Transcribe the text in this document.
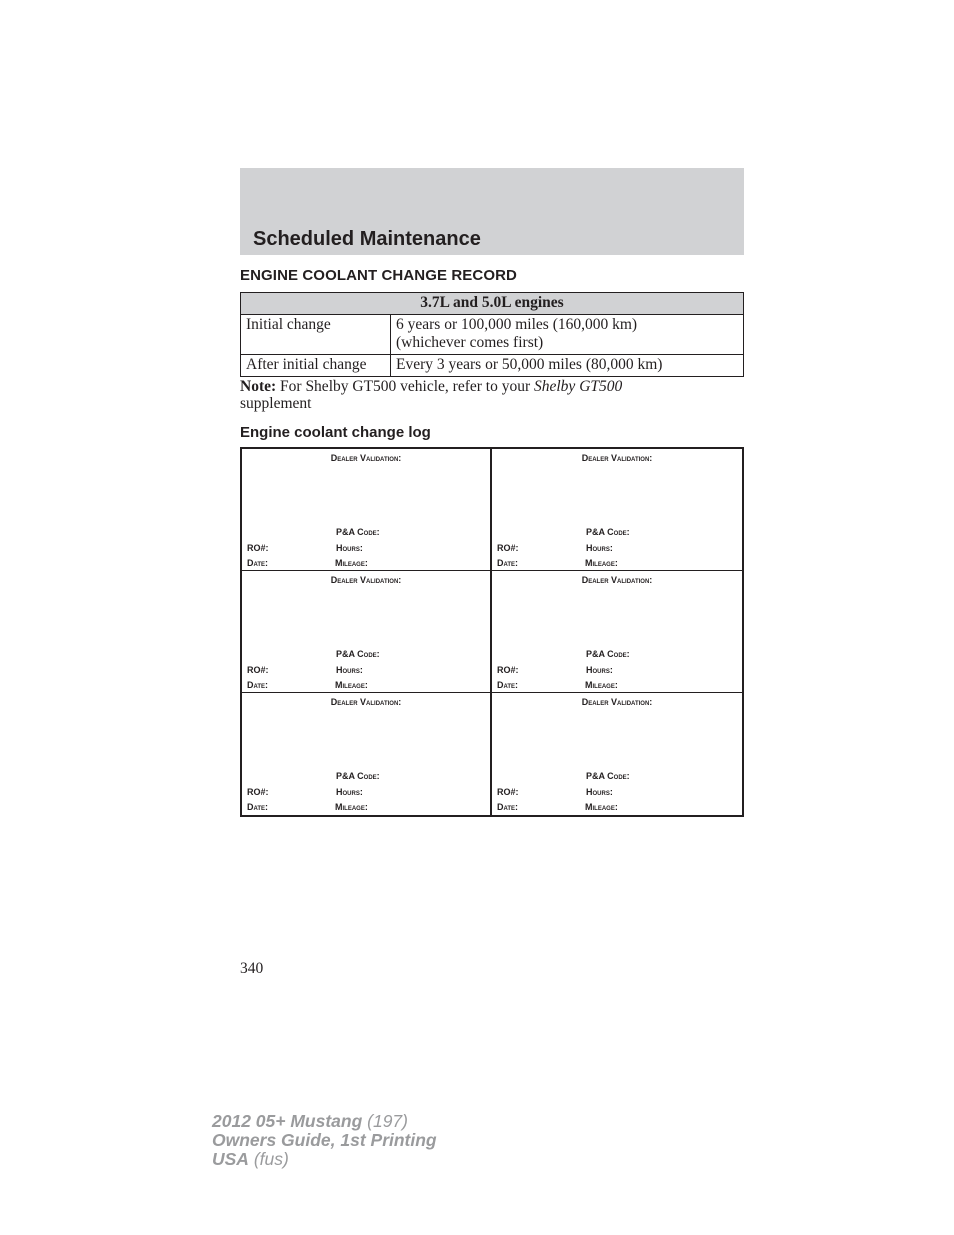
Scheduled Maintenance
ENGINE COOLANT CHANGE RECORD
3.7L and 5.0L engines	
Initial change	6 years or 100,000 miles (160,000 km)
(whichever comes first)

After initial change	Every 3 years or 50,000 miles (80,000 km)
Note: For Shelby GT500 vehicle, refer to your Shelby GT500
supplement
Engine coolant change log
Dealer Validation:
P&A Code:
RO#:	Hours:
Date:	Mileage:
Dealer Validation:
P&A Code:
RO#:	Hours:
Date:	Mileage:
Dealer Validation:
P&A Code:
RO#:	Hours:
Date:	Mileage:
Dealer Validation:
P&A Code:
RO#:	Hours:
Date:	Mileage:
Dealer Validation:
P&A Code:
RO#:	Hours:
Date:	Mileage:
Dealer Validation:
P&A Code:
RO#:	Hours:
Date:	Mileage:
340
2012 05+ Mustang (197)
Owners Guide, 1st Printing
USA (fus)
